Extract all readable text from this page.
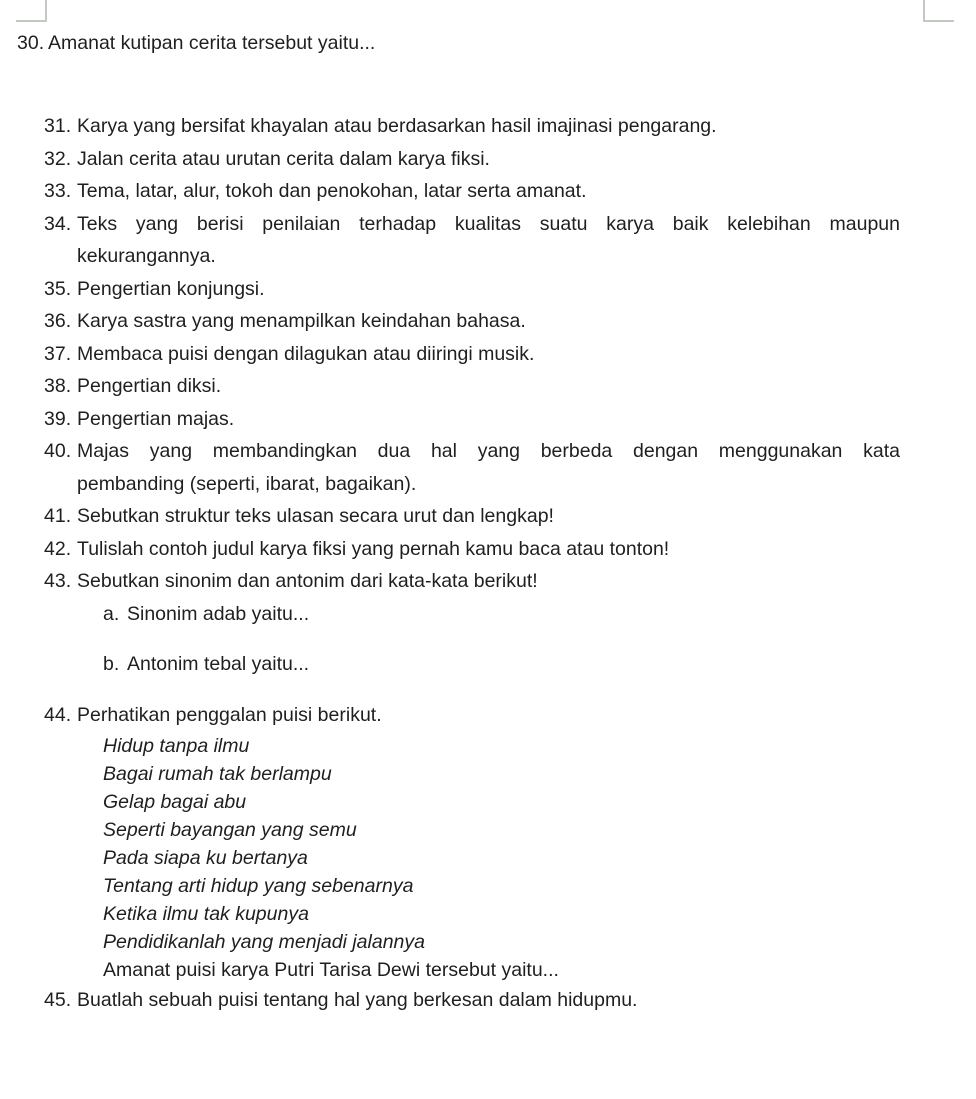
30. Amanat kutipan cerita tersebut yaitu...
31. Karya yang bersifat khayalan atau berdasarkan hasil imajinasi pengarang.
32. Jalan cerita atau urutan cerita dalam karya fiksi.
33. Tema, latar, alur, tokoh dan penokohan, latar serta amanat.
34. Teks yang berisi penilaian terhadap kualitas suatu karya baik kelebihan maupun
kekurangannya.
35. Pengertian konjungsi.
36. Karya sastra yang menampilkan keindahan bahasa.
37. Membaca puisi dengan dilagukan atau diiringi musik.
38. Pengertian diksi.
39. Pengertian majas.
40. Majas yang membandingkan dua hal yang berbeda dengan menggunakan kata
pembanding (seperti, ibarat, bagaikan).
41. Sebutkan struktur teks ulasan secara urut dan lengkap!
42. Tulislah contoh judul karya fiksi yang pernah kamu baca atau tonton!
43. Sebutkan sinonim dan antonim dari kata-kata berikut!
a. Sinonim adab yaitu...
b. Antonim tebal yaitu...
44. Perhatikan penggalan puisi berikut.
Hidup tanpa ilmu
Bagai rumah tak berlampu
Gelap bagai abu
Seperti bayangan yang semu
Pada siapa ku bertanya
Tentang arti hidup yang sebenarnya
Ketika ilmu tak kupunya
Pendidikanlah yang menjadi jalannya
Amanat puisi karya Putri Tarisa Dewi tersebut yaitu...
45. Buatlah sebuah puisi tentang hal yang berkesan dalam hidupmu.
